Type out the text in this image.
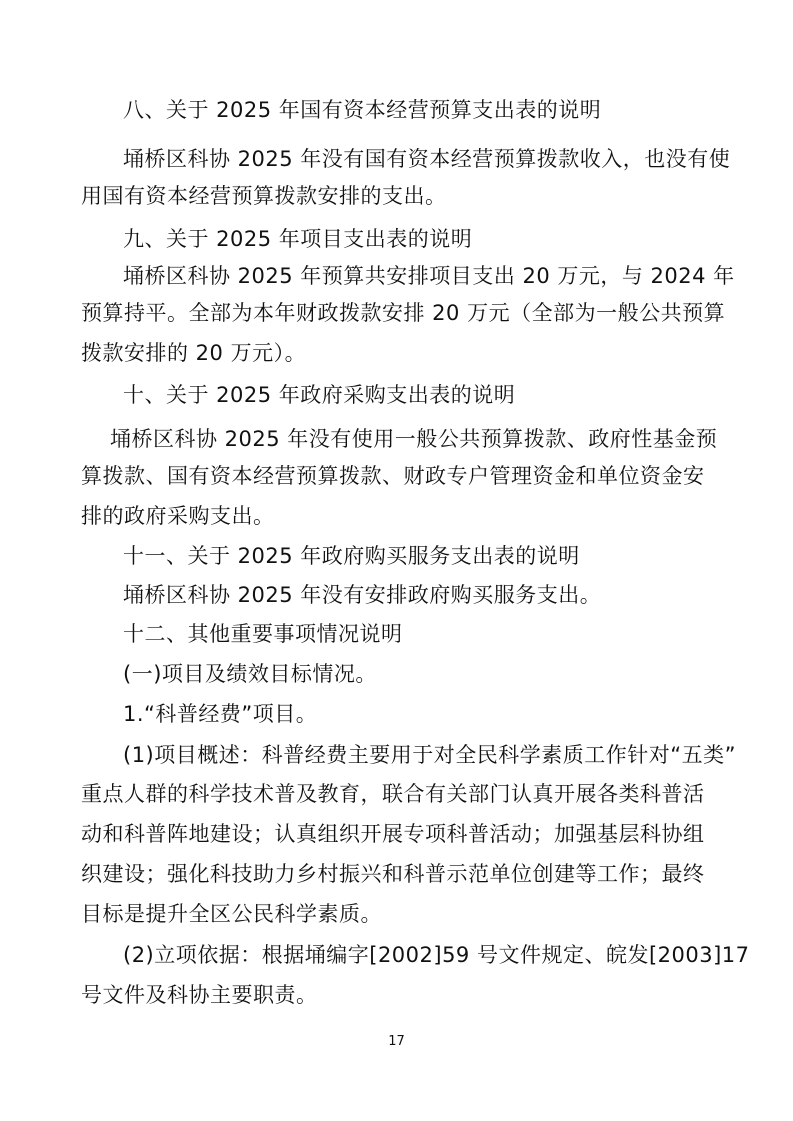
八、关于 2025 年国有资本经营预算支出表的说明
埇桥区科协 2025 年没有国有资本经营预算拨款收入，也没有使
用国有资本经营预算拨款安排的支出。
九、关于 2025 年项目支出表的说明
埇桥区科协 2025 年预算共安排项目支出 20 万元，与 2024 年
预算持平。全部为本年财政拨款安排 20 万元（全部为一般公共预算
拨款安排的 20 万元）。
十、关于 2025 年政府采购支出表的说明
埇桥区科协 2025 年没有使用一般公共预算拨款、政府性基金预
算拨款、国有资本经营预算拨款、财政专户管理资金和单位资金安
排的政府采购支出。
十一、关于 2025 年政府购买服务支出表的说明
埇桥区科协 2025 年没有安排政府购买服务支出。
十二、其他重要事项情况说明
(一)项目及绩效目标情况。
1.“科普经费”项目。
(1)项目概述：科普经费主要用于对全民科学素质工作针对“五类”
重点人群的科学技术普及教育，联合有关部门认真开展各类科普活
动和科普阵地建设；认真组织开展专项科普活动；加强基层科协组
织建设；强化科技助力乡村振兴和科普示范单位创建等工作；最终
目标是提升全区公民科学素质。
(2)立项依据：根据埇编字[2002]59 号文件规定、皖发[2003]17
号文件及科协主要职责。
17
